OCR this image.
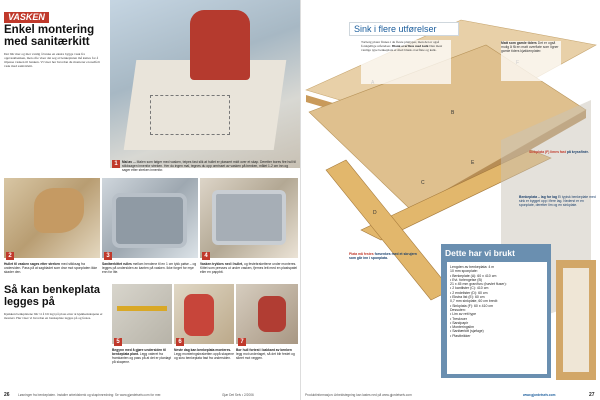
VASKEN
Enkel montering med sanitærkitt
Det blir mer og mer vanlig å bruke en ekstra bygge vask fra oppvaskbenken, men ofte viser det seg at benkeplaten må kuttes for å tilpasse vasken til benken. Vi viser her hvordan du monterer en nedfelt vask med sanitærkitt.
1	Mal av ... Malen som følger med vasken, teipes fast slik at hullet er plassert midt over et skap. Deretter bores fire hull til stikksagen innenfor streken. Her du ingen mal, tegnes du opp omrisset av vasken på benken, målet 1-2 cm inn og sager etter streken innenfor.
2
Hullet til vasken sages etter streken med stikksag fra undersiden. Pass på at sagbladet som drar mot sponplaten ikke skader den.
3
Sanitærkittet rulles mellom hendene til en 1 cm tykk pølse – og legges på undersiden av kanten på vasken. Ikke forget for mye enn for lite.
4
Vasken trykkes ned i hullet, og festebrakettene under monteres. Kittet som presses ut under vasken, fjernes lett med en plastspatel eller en pappbit.
Så kan benkeplata legges på
Kjøkken benkplatene blir vi å bli lagt på plass etter at kjøkkenskapene er montert. Her viser vi hvordan en benkeplate legges på og festes.
5
Begynn med å gjøre undersiden til benkeplata plant. Legg vateret fra framkanten og pass på at det er planlagt på skapene.
6
Neste dag kan benkeplata monteres. Legg monteringsbraketten oppå skapene og skru benkeplata fast fra undersiden.
7
Bor hull fortest i bakkant av benken legg mot underlaget, så det blir festet og sikret mot veggen.
26	Løsninger fra benkeplaten. Installer arbeidsbenk og skapinnredning: Se www.gjørdetselv.com for mer.	Gjør Det Selv • 2/2006
B
C
D
E
Sink i flere utførelser
Torberg plater finnes i de fleste plattyper, men det er også forskjellige utførelser. Blank overflate med kalk Den mest vanlige type benkeplate er med blank overflate og kalk.
Matt som gamle tiders Det er også mulig å få en matt overflate som ligner gamle tiders kjøkkenplater.
Sinkplata (F) limes fast på kryssfinér.
Benkeplata – lag for lag Ei typisk benkeplate med sink er bygget opp i flere lag. Nederst er en sponplate, deretter lim og en sinkplate.
Plata må festes forsenkes med et skrujern som går inn i sponplata.
Dette har vi brukt
Lengden av benkeplata: 4 m
10 mm sponplate:
• Benkeplate (A): 60 x 410 cm
• Evt. forlengelse (B)
21 x 45 mm gran/furu (høvlet fluser):
• 2 kantlister (C): 410 cm
• 2 endelister (D): 60 cm
• Ekstra list (E): 60 cm
0,7 mm sinkplate, 60 cm bredt:
• Sinkplata (F): 60 x 410 cm
Dessuten:
• Lim av rett type
• Treskruer
• Sandpapir
• Monteringslim
• Sanitærkitt (sjøfuge)
• Plastbrikker
Produktinformasjon: Arbeidstegning kan lastes ned på www.gjordetselv.com	www.gjordetselv.com	27
